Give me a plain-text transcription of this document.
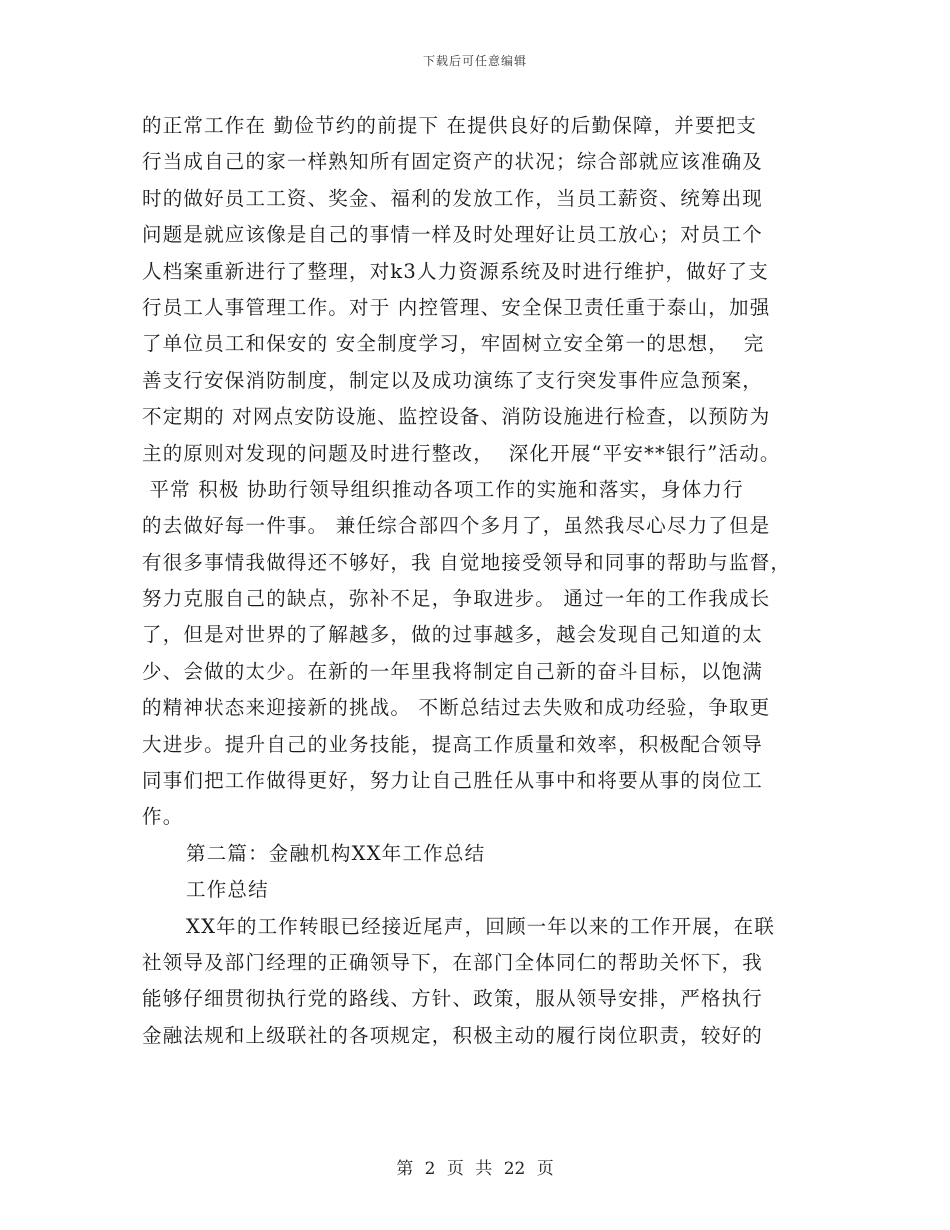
下载后可任意编辑
的正常工作在 勤俭节约的前提下 在提供良好的后勤保障，并要把支
行当成自己的家一样熟知所有固定资产的状况；综合部就应该准确及
时的做好员工工资、奖金、福利的发放工作，当员工薪资、统筹出现
问题是就应该像是自己的事情一样及时处理好让员工放心；对员工个
人档案重新进行了整理，对k3人力资源系统及时进行维护，做好了支
行员工人事管理工作。对于 内控管理、安全保卫责任重于泰山，加强
了单位员工和保安的 安全制度学习，牢固树立安全第一的思想，  完
善支行安保消防制度，制定以及成功演练了支行突发事件应急预案，
不定期的 对网点安防设施、监控设备、消防设施进行检查，以预防为
主的原则对发现的问题及时进行整改，  深化开展“平安**银行”活动。
平常 积极 协助行领导组织推动各项工作的实施和落实，身体力行
的去做好每一件事。 兼任综合部四个多月了，虽然我尽心尽力了但是
有很多事情我做得还不够好，我 自觉地接受领导和同事的帮助与监督，
努力克服自己的缺点，弥补不足，争取进步。 通过一年的工作我成长
了，但是对世界的了解越多，做的过事越多，越会发现自己知道的太
少、会做的太少。在新的一年里我将制定自己新的奋斗目标，以饱满
的精神状态来迎接新的挑战。 不断总结过去失败和成功经验，争取更
大进步。提升自己的业务技能，提高工作质量和效率，积极配合领导
同事们把工作做得更好，努力让自己胜任从事中和将要从事的岗位工
作。
第二篇：金融机构XX年工作总结
工作总结
XX年的工作转眼已经接近尾声，回顾一年以来的工作开展，在联
社领导及部门经理的正确领导下，在部门全体同仁的帮助关怀下，我
能够仔细贯彻执行党的路线、方针、政策，服从领导安排，严格执行
金融法规和上级联社的各项规定，积极主动的履行岗位职责，较好的
第 2 页 共 22 页
